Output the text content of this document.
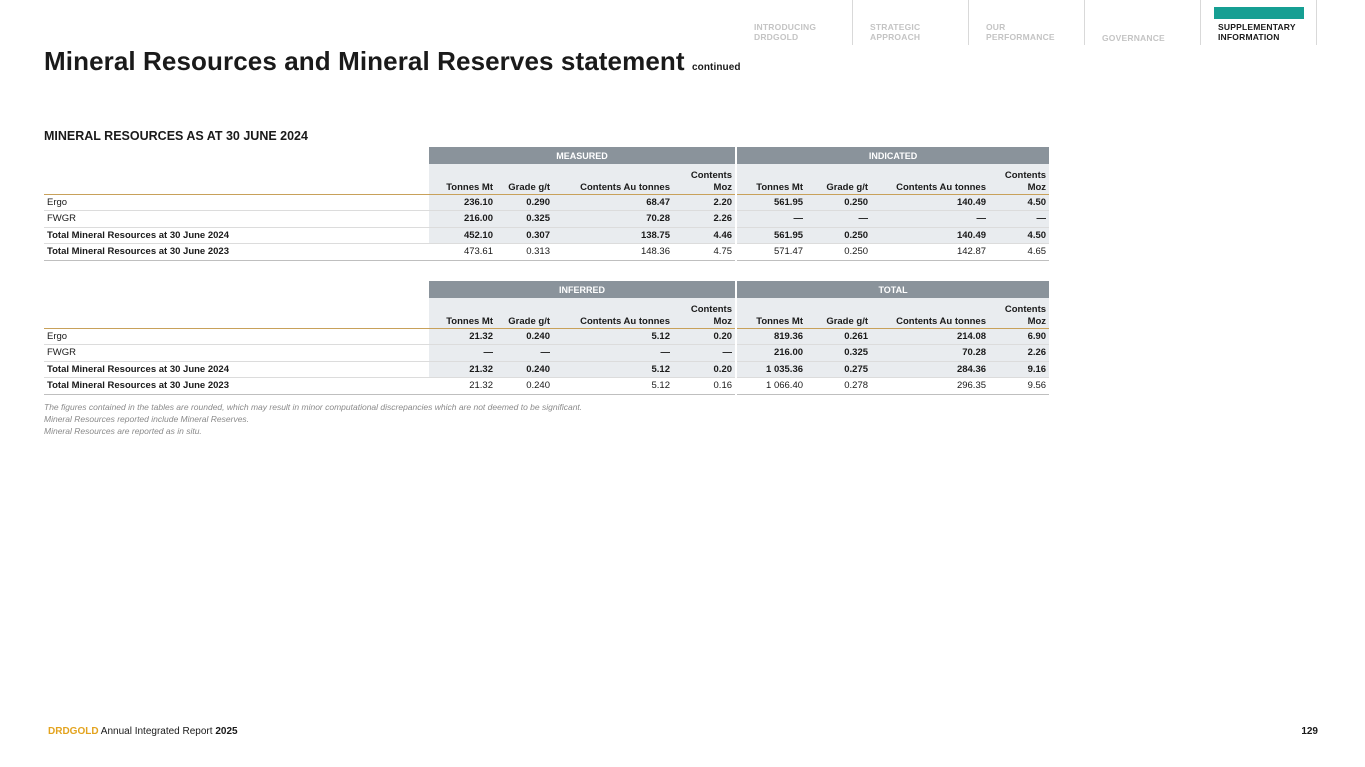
INTRODUCING
DRDGOLD
STRATEGIC
APPROACH
OUR
PERFORMANCE	GOVERNANCE
SUPPLEMENTARY
INFORMATION
Mineral Resources and Mineral Reserves statement continued
MINERAL RESOURCES AS AT 30 JUNE 2024
	MEASURED				INDICATED			
	Tonnes Mt	Grade g/t	Contents Au tonnes	Contents Moz	Tonnes Mt	Grade g/t	Contents Au tonnes	Contents Moz
Ergo	236.10	0.290	68.47	2.20	561.95	0.250	140.49	4.50
FWGR	216.00	0.325	70.28	2.26	—	—	—	—
Total Mineral Resources at 30 June 2024	452.10	0.307	138.75	4.46	561.95	0.250	140.49	4.50
Total Mineral Resources at 30 June 2023	473.61	0.313	148.36	4.75	571.47	0.250	142.87	4.65
	INFERRED				TOTAL			
	Tonnes Mt	Grade g/t	Contents Au tonnes	Contents Moz	Tonnes Mt	Grade g/t	Contents Au tonnes	Contents Moz
Ergo	21.32	0.240	5.12	0.20	819.36	0.261	214.08	6.90
FWGR	—	—	—	—	216.00	0.325	70.28	2.26
Total Mineral Resources at 30 June 2024	21.32	0.240	5.12	0.20	1 035.36	0.275	284.36	9.16
Total Mineral Resources at 30 June 2023	21.32	0.240	5.12	0.16	1 066.40	0.278	296.35	9.56
The figures contained in the tables are rounded, which may result in minor computational discrepancies which are not deemed to be significant.
Mineral Resources reported include Mineral Reserves.
Mineral Resources are reported as in situ.
DRDGOLD Annual Integrated Report 2025	129
